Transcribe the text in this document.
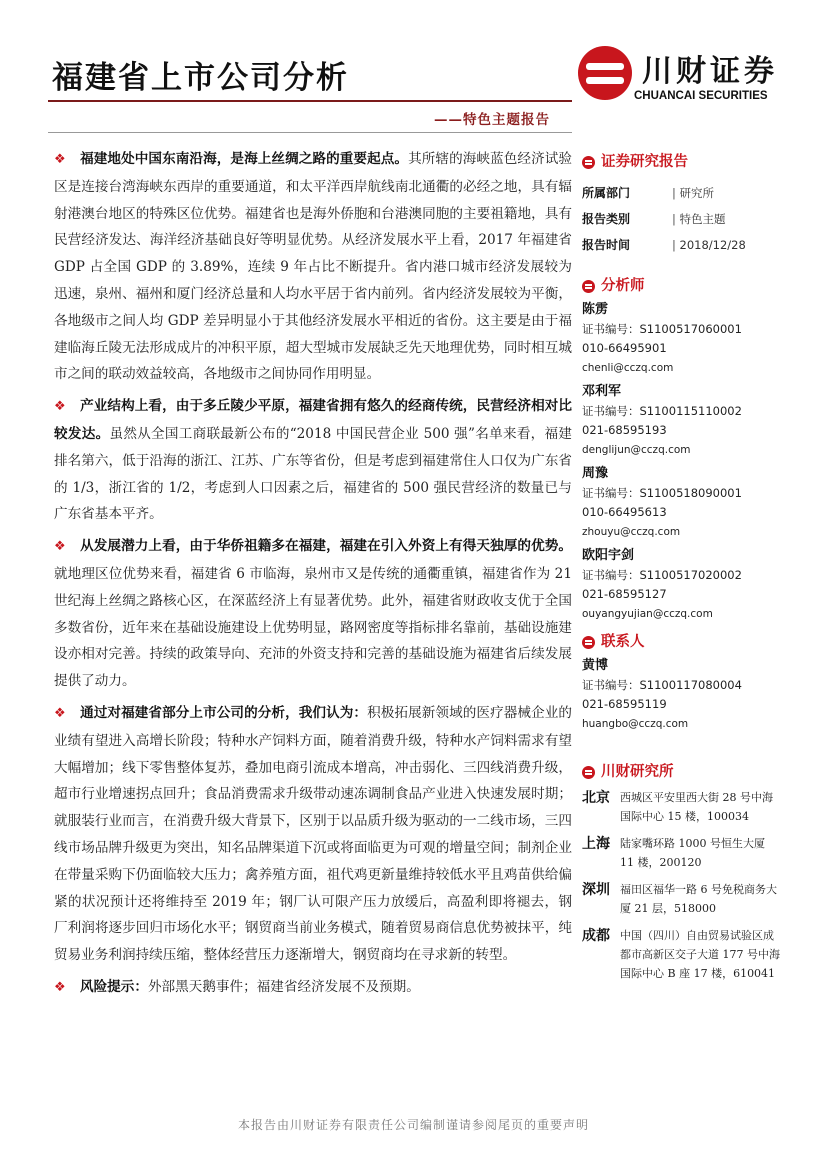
福建省上市公司分析	川财证券
CHUANCAI SECURITIES
——特色主题报告

❖ 福建地处中国东南沿海，是海上丝绸之路的重要起点。其所辖的海峡蓝色经济试验区是连接台湾海峡东西岸的重要通道，和太平洋西岸航线南北通衢的必经之地，具有辐射港澳台地区的特殊区位优势。福建省也是海外侨胞和台港澳同胞的主要祖籍地，具有民营经济发达、海洋经济基础良好等明显优势。从经济发展水平上看，2017 年福建省 GDP 占全国 GDP 的 3.89%，连续 9 年占比不断提升。省内港口城市经济发展较为迅速，泉州、福州和厦门经济总量和人均水平居于省内前列。省内经济发展较为平衡，各地级市之间人均 GDP 差异明显小于其他经济发展水平相近的省份。这主要是由于福建临海丘陵无法形成成片的冲积平原，超大型城市发展缺乏先天地理优势，同时相互城市之间的联动效益较高，各地级市之间协同作用明显。

❖ 产业结构上看，由于多丘陵少平原，福建省拥有悠久的经商传统，民营经济相对比较发达。虽然从全国工商联最新公布的“2018 中国民营企业 500 强”名单来看，福建排名第六，低于沿海的浙江、江苏、广东等省份，但是考虑到福建常住人口仅为广东省的 1/3，浙江省的 1/2，考虑到人口因素之后，福建省的 500 强民营经济的数量已与广东省基本平齐。

❖ 从发展潜力上看，由于华侨祖籍多在福建，福建在引入外资上有得天独厚的优势。就地理区位优势来看，福建省 6 市临海，泉州市又是传统的通衢重镇，福建省作为 21 世纪海上丝绸之路核心区，在深蓝经济上有显著优势。此外，福建省财政收支优于全国多数省份，近年来在基础设施建设上优势明显，路网密度等指标排名靠前，基础设施建设亦相对完善。持续的政策导向、充沛的外资支持和完善的基础设施为福建省后续发展提供了动力。

❖ 通过对福建省部分上市公司的分析，我们认为：积极拓展新领域的医疗器械企业的业绩有望进入高增长阶段；特种水产饲料方面，随着消费升级，特种水产饲料需求有望大幅增加；线下零售整体复苏，叠加电商引流成本增高，冲击弱化、三四线消费升级，超市行业增速拐点回升；食品消费需求升级带动速冻调制食品产业进入快速发展时期；就服装行业而言，在消费升级大背景下，区别于以品质升级为驱动的一二线市场，三四线市场品牌升级更为突出，知名品牌渠道下沉或将面临更为可观的增量空间；制剂企业在带量采购下仍面临较大压力；禽养殖方面，祖代鸡更新量维持较低水平且鸡苗供给偏紧的状况预计还将维持至 2019 年；钢厂认可限产压力放缓后，高盈利即将褪去，钢厂利润将逐步回归市场化水平；钢贸商当前业务模式，随着贸易商信息优势被抹平，纯贸易业务利润持续压缩，整体经营压力逐渐增大，钢贸商均在寻求新的转型。

❖ 风险提示：外部黑天鹅事件；福建省经济发展不及预期。

证券研究报告
所属部门	| 研究所
报告类别	| 特色主题
报告时间	| 2018/12/28
分析师
陈雳
证书编号：S1100517060001
010-66495901
chenli@cczq.com
邓利军
证书编号：S1100115110002
021-68595193
denglijun@cczq.com
周豫
证书编号：S1100518090001
010-66495613
zhouyu@cczq.com
欧阳宇剑
证书编号：S1100517020002
021-68595127
ouyangyujian@cczq.com
联系人
黄博
证书编号：S1100117080004
021-68595119
huangbo@cczq.com
川财研究所
北京 西城区平安里西大街 28 号中海国际中心 15 楼，100034
上海 陆家嘴环路 1000 号恒生大厦 11 楼，200120
深圳 福田区福华一路 6 号免税商务大厦 21 层，518000
成都 中国（四川）自由贸易试验区成都市高新区交子大道 177 号中海国际中心 B 座 17 楼，610041
本报告由川财证券有限责任公司编制谨请参阅尾页的重要声明
